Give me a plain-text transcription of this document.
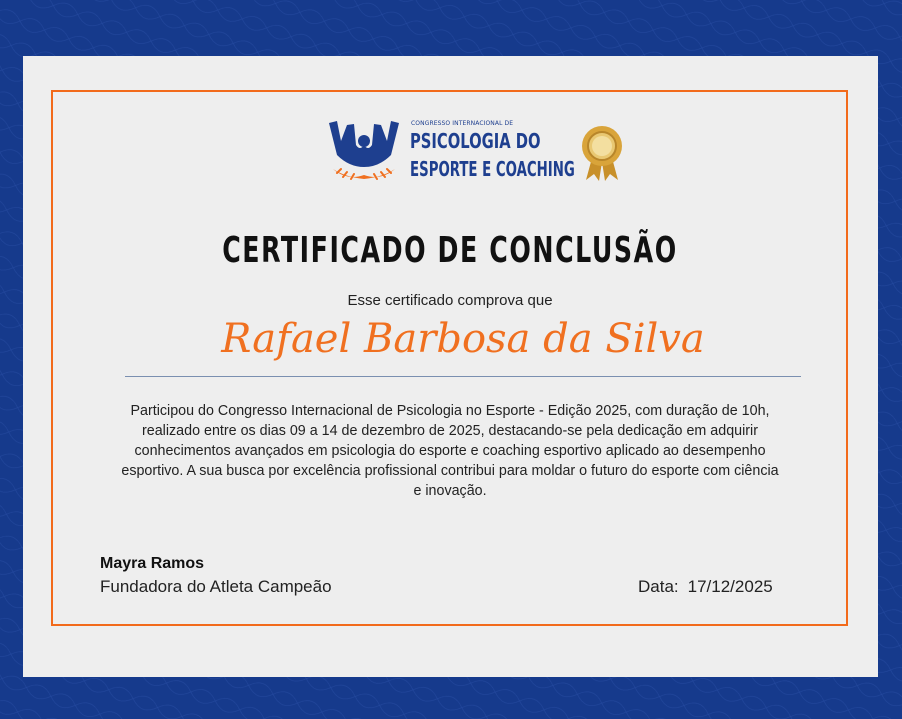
CONGRESSO INTERNACIONAL DE
PSICOLOGIA DO
ESPORTE E COACHING
CERTIFICADO DE CONCLUSÃO
Esse certificado comprova que
Rafael Barbosa da Silva
Participou do Congresso Internacional de Psicologia no Esporte - Edição 2025, com duração de 10h, realizado entre os dias 09 a 14 de dezembro de 2025, destacando-se pela dedicação em adquirir conhecimentos avançados em psicologia do esporte e coaching esportivo aplicado ao desempenho esportivo. A sua busca por excelência profissional contribui para moldar o futuro do esporte com ciência e inovação.
Mayra Ramos
Fundadora do Atleta Campeão	Data: 17/12/2025
